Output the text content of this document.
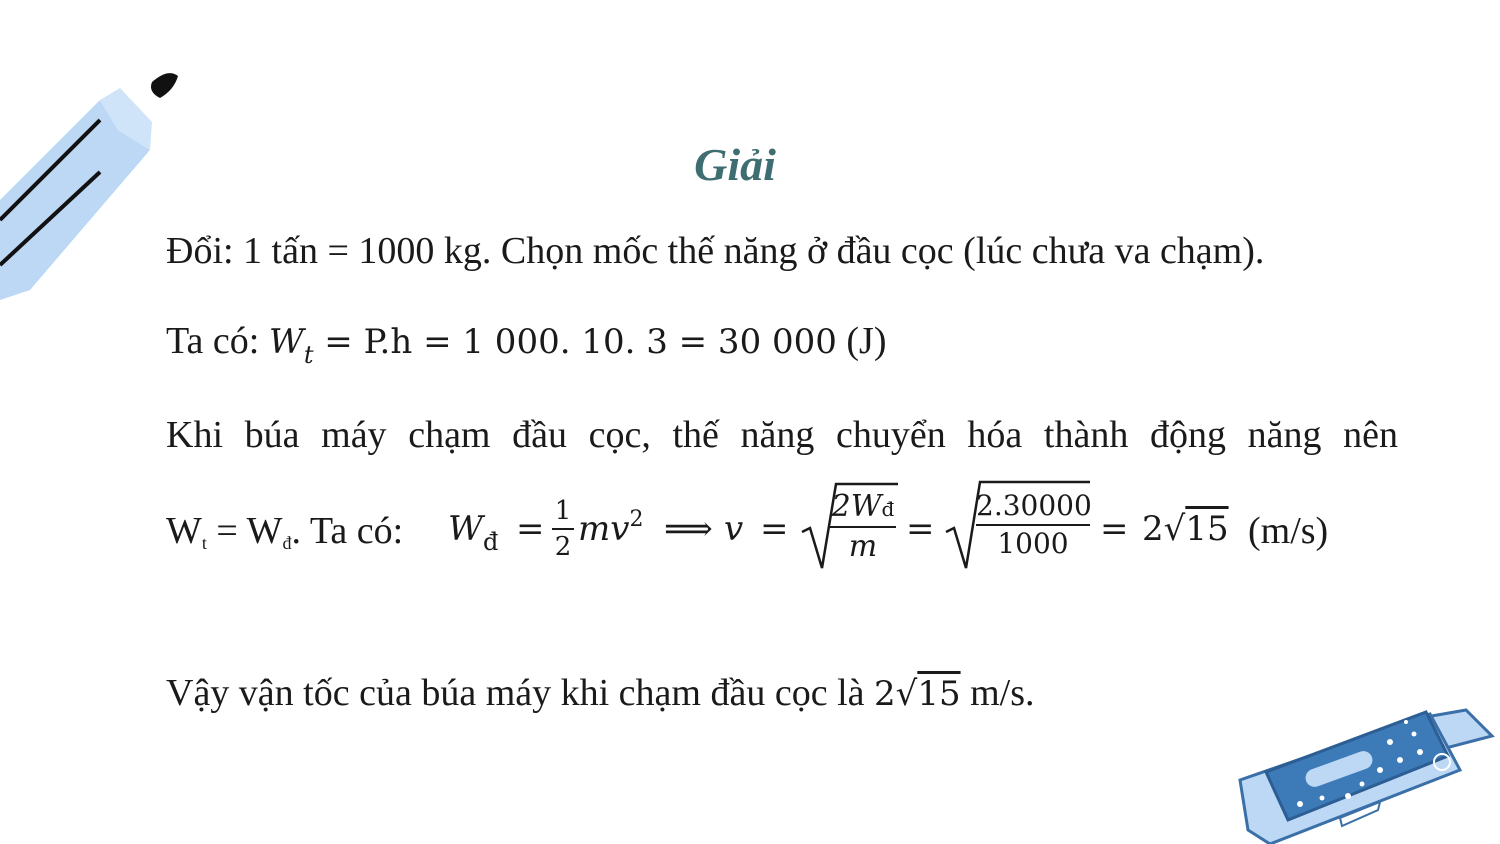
Giải
Đổi: 1 tấn = 1000 kg. Chọn mốc thế năng ở đầu cọc (lúc chưa va chạm).
Ta có: $W_t = P.h = 1$ 000. 10. 3 = 30 000 (J)
Khi búa máy chạm đầu cọc, thế năng chuyển hóa thành động năng nên
Wt = Wđ. Ta có: $W_đ = 1$
2 $mv^2$ ⟹ v =
2Wđ
m =
2.30000
1000 = 2√15 (m/s)
Vậy vận tốc của búa máy khi chạm đầu cọc là 2√15 m/s.
